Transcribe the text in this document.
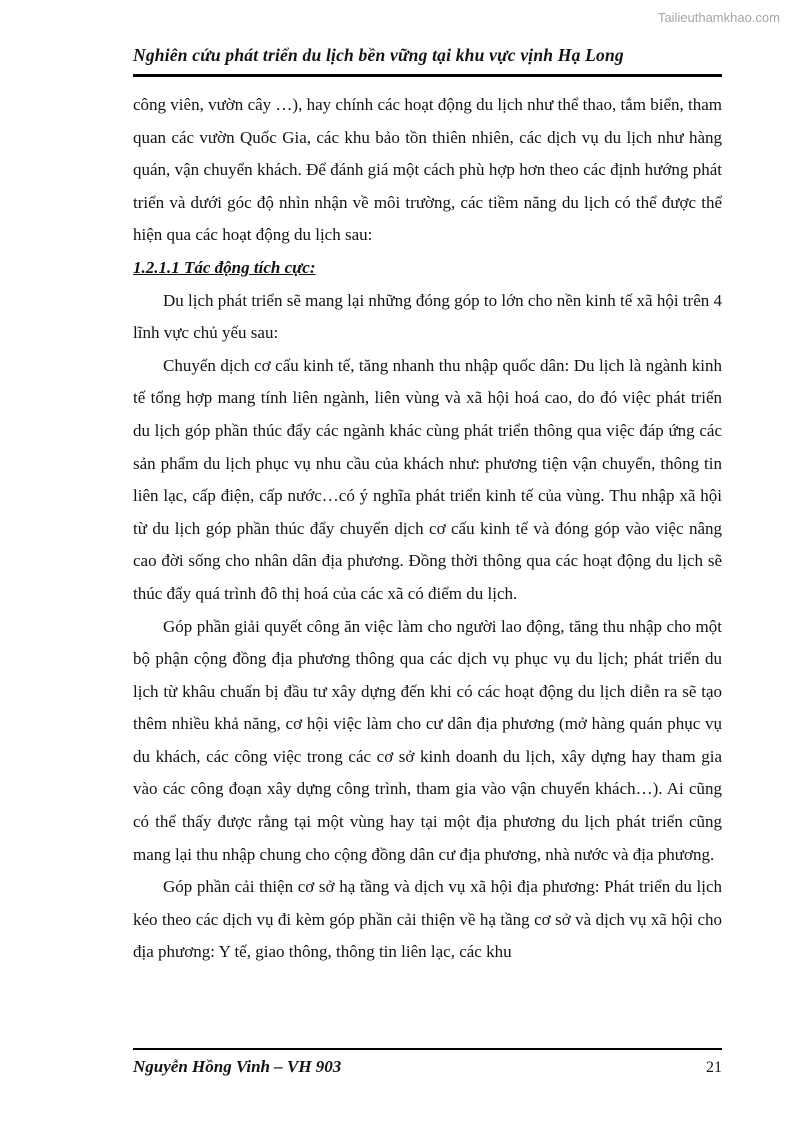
Tailieuthamkhao.com
Nghiên cứu phát triển du lịch bền vững tại khu vực vịnh Hạ Long

công viên, vườn cây …), hay chính các hoạt động du lịch như thể thao, tắm biển, tham quan các vườn Quốc Gia, các khu bảo tồn thiên nhiên, các dịch vụ du lịch như hàng quán, vận chuyển khách. Để đánh giá một cách phù hợp hơn theo các định hướng phát triển và dưới góc độ nhìn nhận về môi trường, các tiềm năng du lịch có thể được thể hiện qua các hoạt động du lịch sau:

1.2.1.1 Tác động tích cực:

Du lịch phát triển sẽ mang lại những đóng góp to lớn cho nền kinh tế xã hội trên 4 lĩnh vực chủ yếu sau:

Chuyển dịch cơ cấu kinh tế, tăng nhanh thu nhập quốc dân: Du lịch là ngành kinh tế tổng hợp mang tính liên ngành, liên vùng và xã hội hoá cao, do đó việc phát triển du lịch góp phần thúc đẩy các ngành khác cùng phát triển thông qua việc đáp ứng các sản phẩm du lịch phục vụ nhu cầu của khách như: phương tiện vận chuyển, thông tin liên lạc, cấp điện, cấp nước…có ý nghĩa phát triển kinh tế của vùng. Thu nhập xã hội từ du lịch góp phần thúc đẩy chuyển dịch cơ cấu kinh tế và đóng góp vào việc nâng cao đời sống cho nhân dân địa phương. Đồng thời thông qua các hoạt động du lịch sẽ thúc đẩy quá trình đô thị hoá của các xã có điểm du lịch.

Góp phần giải quyết công ăn việc làm cho người lao động, tăng thu nhập cho một bộ phận cộng đồng địa phương thông qua các dịch vụ phục vụ du lịch; phát triển du lịch từ khâu chuẩn bị đầu tư xây dựng đến khi có các hoạt động du lịch diễn ra sẽ tạo thêm nhiều khả năng, cơ hội việc làm cho cư dân địa phương (mở hàng quán phục vụ du khách, các công việc trong các cơ sở kinh doanh du lịch, xây dựng hay tham gia vào các công đoạn xây dựng công trình, tham gia vào vận chuyển khách…). Ai cũng có thể thấy được rằng tại một vùng hay tại một địa phương du lịch phát triển cũng mang lại thu nhập chung cho cộng đồng dân cư địa phương, nhà nước và địa phương.

Góp phần cải thiện cơ sở hạ tầng và dịch vụ xã hội địa phương: Phát triển du lịch kéo theo các dịch vụ đi kèm góp phần cải thiện về hạ tầng cơ sở và dịch vụ xã hội cho địa phương: Y tế, giao thông, thông tin liên lạc, các khu

Nguyễn Hồng Vinh – VH 903	21
